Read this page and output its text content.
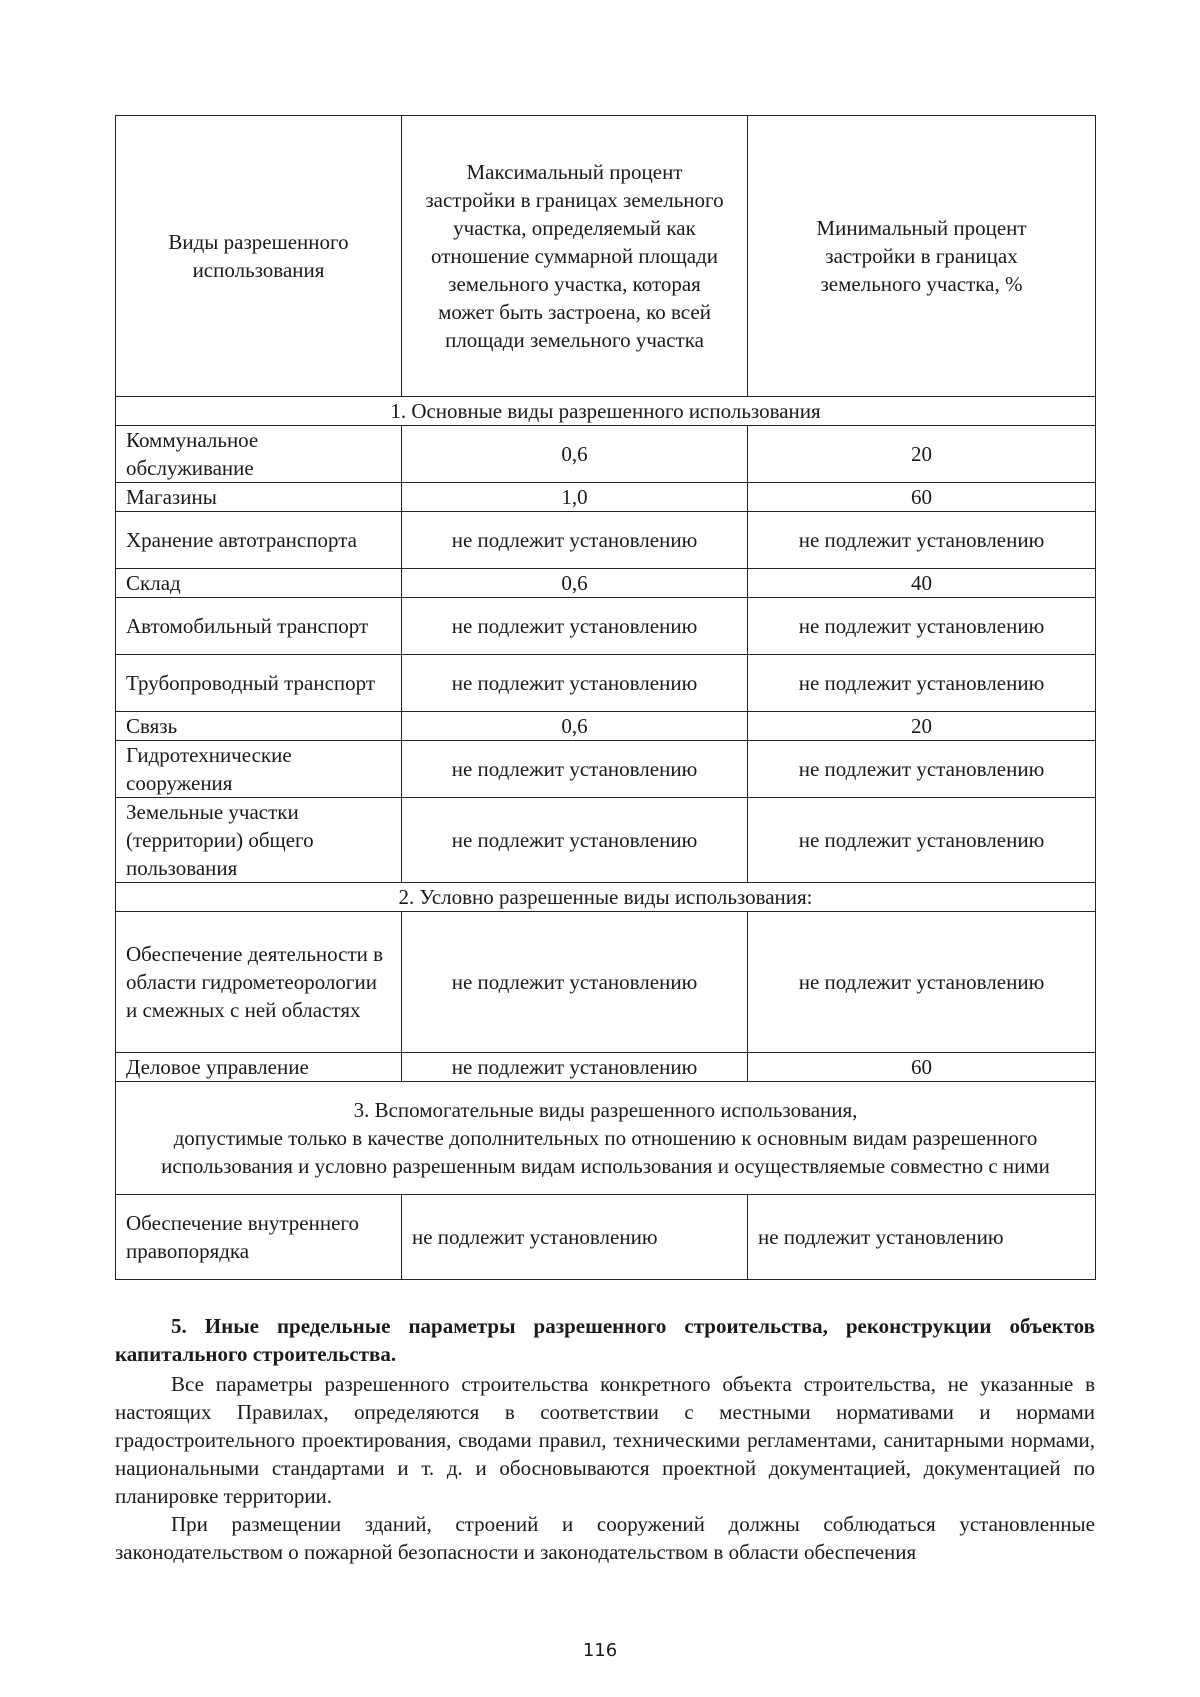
Виды разрешенного использования	Максимальный процент застройки в границах земельного участка, определяемый как отношение суммарной площади земельного участка, которая может быть застроена, ко всей площади земельного участка	Минимальный процент застройки в границах земельного участка, %
1. Основные виды разрешенного использования		
Коммунальное обслуживание	0,6	20
Магазины	1,0	60
Хранение автотранспорта	не подлежит установлению	не подлежит установлению
Склад	0,6	40
Автомобильный транспорт	не подлежит установлению	не подлежит установлению
Трубопроводный транспорт	не подлежит установлению	не подлежит установлению
Связь	0,6	20
Гидротехнические сооружения	не подлежит установлению	не подлежит установлению
Земельные участки (территории) общего пользования	не подлежит установлению	не подлежит установлению
2. Условно разрешенные виды использования:		
Обеспечение деятельности в области гидрометеорологии и смежных с ней областях	не подлежит установлению	не подлежит установлению
Деловое управление	не подлежит установлению	60

3. Вспомогательные виды разрешенного использования,
допустимые только в качестве дополнительных по отношению к основным видам разрешенного использования и условно разрешенным видам использования и осуществляемые совместно с ними		

Обеспечение внутреннего правопорядка	не подлежит установлению	не подлежит установлению

5. Иные предельные параметры разрешенного строительства, реконструкции объектов капитального строительства.

Все параметры разрешенного строительства конкретного объекта строительства, не указанные в настоящих Правилах, определяются в соответствии с местными нормативами и нормами градостроительного проектирования, сводами правил, техническими регламентами, санитарными нормами, национальными стандартами и т. д. и обосновываются проектной документацией, документацией по планировке территории.

При размещении зданий, строений и сооружений должны соблюдаться установленные законодательством о пожарной безопасности и законодательством в области обеспечения

116
